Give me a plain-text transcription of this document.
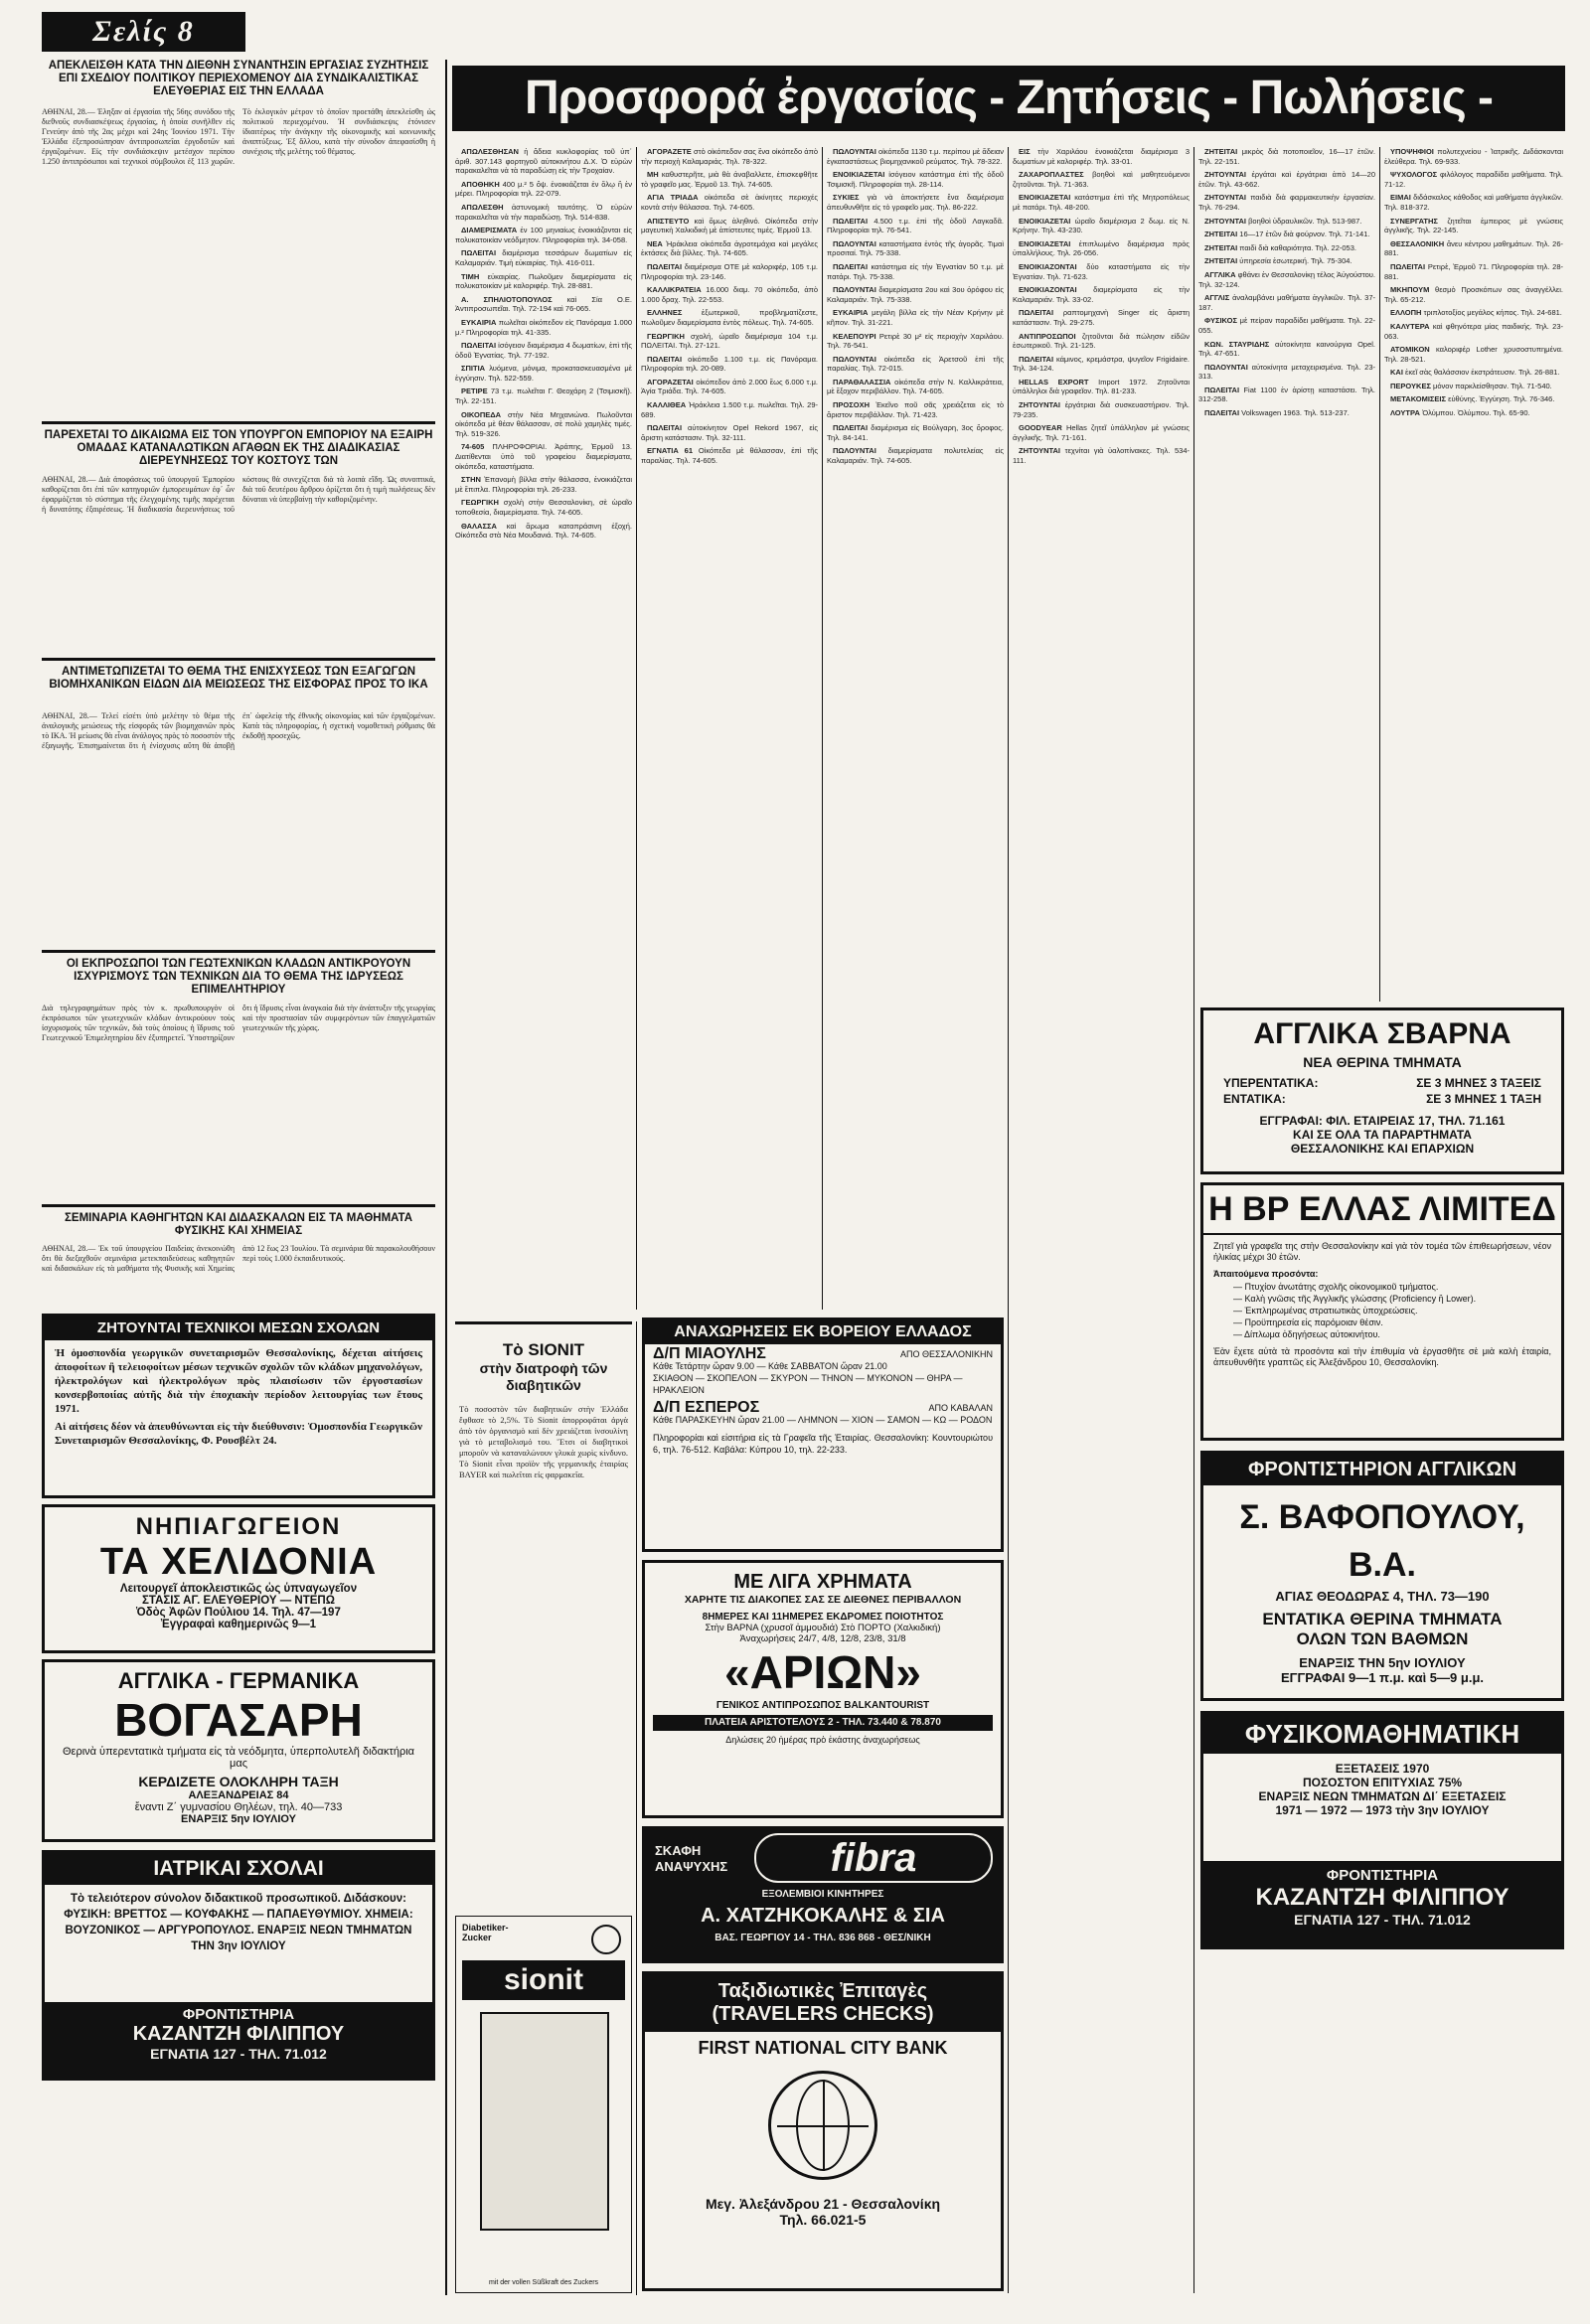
Σελίς 8
ΑΠΕΚΛΕΙΣΘΗ ΚΑΤΑ ΤΗΝ ΔΙΕΘΝΗ ΣΥΝΑΝΤΗΣΙΝ ΕΡΓΑΣΙΑΣ ΣΥΖΗΤΗΣΙΣ ΕΠΙ ΣΧΕΔΙΟΥ ΠΟΛΙΤΙΚΟΥ ΠΕΡΙΕΧΟΜΕΝΟΥ ΔΙΑ ΣΥΝΔΙΚΑΛΙΣΤΙΚΑΣ ΕΛΕΥΘΕΡΙΑΣ ΕΙΣ ΤΗΝ ΕΛΛΑΔΑ
ΑΘΗΝΑΙ, 28.— Έληξαν αἱ ἐργασίαι τῆς 56ης συνόδου τῆς διεθνοῦς συνδιασκέψεως ἐργασίας, ἡ ὁποία συνῆλθεν εἰς Γενεύην ἀπὸ τῆς 2ας μέχρι καὶ 24ης Ἰουνίου 1971. Τὴν Ἑλλάδα ἐξεπροσώπησαν ἀντιπροσωπεῖαι ἐργοδοτῶν καὶ ἐργαζομένων. Εἰς τὴν συνδιάσκεψιν μετέσχον περίπου 1.250 ἀντιπρόσωποι καὶ τεχνικοὶ σύμβουλοι ἐξ 113 χωρῶν. Τὸ ἐκλογικὸν μέτρον τὸ ὁποῖον προετάθη ἀπεκλείσθη ὡς πολιτικοῦ περιεχομένου. Ἡ συνδιάσκεψις ἐτόνισεν ἰδιαιτέρως τὴν ἀνάγκην τῆς οἰκονομικῆς καὶ κοινωνικῆς ἀναπτύξεως. Ἐξ ἄλλου, κατὰ τὴν σύνοδον ἀπεφασίσθη ἡ συνέχισις τῆς μελέτης τοῦ θέματος.
ΠΑΡΕΧΕΤΑΙ ΤΟ ΔΙΚΑΙΩΜΑ ΕΙΣ ΤΟΝ ΥΠΟΥΡΓΟΝ ΕΜΠΟΡΙΟΥ ΝΑ ΕΞΑΙΡΗ ΟΜΑΔΑΣ ΚΑΤΑΝΑΛΩΤΙΚΩΝ ΑΓΑΘΩΝ ΕΚ ΤΗΣ ΔΙΑΔΙΚΑΣΙΑΣ ΔΙΕΡΕΥΝΗΣΕΩΣ ΤΟΥ ΚΟΣΤΟΥΣ ΤΩΝ
ΑΘΗΝΑΙ, 28.— Διὰ ἀποφάσεως τοῦ ὑπουργοῦ Ἐμπορίου καθορίζεται ὅτι ἐπὶ τῶν κατηγοριῶν ἐμπορευμάτων ἐφ᾽ ὧν ἐφαρμόζεται τὸ σύστημα τῆς ἐλεγχομένης τιμῆς παρέχεται ἡ δυνατότης ἐξαιρέσεως. Ἡ διαδικασία διερευνήσεως τοῦ κόστους θὰ συνεχίζεται διὰ τὰ λοιπὰ εἴδη. Ὡς συνοπτικά, διὰ τοῦ δευτέρου ἄρθρου ὁρίζεται ὅτι ἡ τιμὴ πωλήσεως δὲν δύναται νὰ ὑπερβαίνῃ τὴν καθοριζομένην.
ΑΝΤΙΜΕΤΩΠΙΖΕΤΑΙ ΤΟ ΘΕΜΑ ΤΗΣ ΕΝΙΣΧΥΣΕΩΣ ΤΩΝ ΕΞΑΓΩΓΩΝ ΒΙΟΜΗΧΑΝΙΚΩΝ ΕΙΔΩΝ ΔΙΑ ΜΕΙΩΣΕΩΣ ΤΗΣ ΕΙΣΦΟΡΑΣ ΠΡΟΣ ΤΟ ΙΚΑ
ΑΘΗΝΑΙ, 28.— Τελεί εἰσέτι ὑπὸ μελέτην τὸ θέμα τῆς ἀναλογικῆς μειώσεως τῆς εἰσφορᾶς τῶν βιομηχανιῶν πρὸς τὸ ΙΚΑ. Ἡ μείωσις θὰ εἶναι ἀνάλογος πρὸς τὸ ποσοστὸν τῆς ἐξαγωγῆς. Ἐπισημαίνεται ὅτι ἡ ἐνίσχυσις αὕτη θὰ ἀποβῇ ἐπ᾽ ὠφελείᾳ τῆς ἐθνικῆς οἰκονομίας καὶ τῶν ἐργαζομένων. Κατὰ τὰς πληροφορίας, ἡ σχετικὴ νομοθετικὴ ρύθμισις θὰ ἐκδοθῇ προσεχῶς.
ΟΙ ΕΚΠΡΟΣΩΠΟΙ ΤΩΝ ΓΕΩΤΕΧΝΙΚΩΝ ΚΛΑΔΩΝ ΑΝΤΙΚΡΟΥΟΥΝ ΙΣΧΥΡΙΣΜΟΥΣ ΤΩΝ ΤΕΧΝΙΚΩΝ ΔΙΑ ΤΟ ΘΕΜΑ ΤΗΣ ΙΔΡΥΣΕΩΣ ΕΠΙΜΕΛΗΤΗΡΙΟΥ
Διὰ τηλεγραφημάτων πρὸς τὸν κ. πρωθυπουργὸν οἱ ἐκπρόσωποι τῶν γεωτεχνικῶν κλάδων ἀντικρούουν τοὺς ἰσχυρισμοὺς τῶν τεχνικῶν, διὰ τοὺς ὁποίους ἡ ἵδρυσις τοῦ Γεωτεχνικοῦ Ἐπιμελητηρίου δὲν ἐξυπηρετεῖ. Ὑποστηρίζουν ὅτι ἡ ἵδρυσις εἶναι ἀναγκαία διὰ τὴν ἀνάπτυξιν τῆς γεωργίας καὶ τὴν προστασίαν τῶν συμφερόντων τῶν ἐπαγγελματιῶν γεωτεχνικῶν τῆς χώρας.
ΣΕΜΙΝΑΡΙΑ ΚΑΘΗΓΗΤΩΝ ΚΑΙ ΔΙΔΑΣΚΑΛΩΝ ΕΙΣ ΤΑ ΜΑΘΗΜΑΤΑ ΦΥΣΙΚΗΣ ΚΑΙ ΧΗΜΕΙΑΣ
ΑΘΗΝΑΙ, 28.— Ἐκ τοῦ ὑπουργείου Παιδείας ἀνεκοινώθη ὅτι θὰ διεξαχθοῦν σεμινάρια μετεκπαιδεύσεως καθηγητῶν καὶ διδασκάλων εἰς τὰ μαθήματα τῆς Φυσικῆς καὶ Χημείας ἀπὸ 12 ἕως 23 Ἰουλίου. Τὰ σεμινάρια θὰ παρακολουθήσουν περὶ τοὺς 1.000 ἐκπαιδευτικούς.
ΖΗΤΟΥΝΤΑΙ ΤΕΧΝΙΚΟΙ ΜΕΣΩΝ ΣΧΟΛΩΝ
Ἡ ὁμοσπονδία γεωργικῶν συνεταιρισμῶν Θεσσαλονίκης, δέχεται αἰτήσεις ἀποφοίτων ἢ τελειοφοίτων μέσων τεχνικῶν σχολῶν τῶν κλάδων μηχανολόγων, ἠλεκτρολόγων καὶ ἠλεκτρολόγων πρὸς πλαισίωσιν τῶν ἐργοστασίων κονσερβοποιίας αὐτῆς διὰ τὴν ἐποχιακὴν περίοδον λειτουργίας των ἔτους 1971.
Αἱ αἰτήσεις δέον νὰ ἀπευθύνωνται εἰς τὴν διεύθυνσιν: Ὁμοσπονδία Γεωργικῶν Συνεταιρισμῶν Θεσσαλονίκης, Φ. Ρουσβέλτ 24.
ΝΗΠΙΑΓΩΓΕΙΟΝ
ΤΑ ΧΕΛΙΔΟΝΙΑ
Λειτουργεῖ ἀποκλειστικῶς ὡς ὑπναγωγεῖον
ΣΤΑΣΙΣ ΑΓ. ΕΛΕΥΘΕΡΙΟΥ — ΝΤΕΠΩ
Ὁδὸς Ἀφῶν Πούλιου 14. Τηλ. 47—197
Ἐγγραφαὶ καθημερινῶς 9—1
ΑΓΓΛΙΚΑ - ΓΕΡΜΑΝΙΚΑ
ΒΟΓΑΣΑΡΗ
Θερινὰ ὑπερεντατικὰ τμήματα εἰς τὰ νεόδμητα, ὑπερπολυτελῆ διδακτήρια μας
ΚΕΡΔΙΖΕΤΕ ΟΛΟΚΛΗΡΗ ΤΑΞΗ
ΑΛΕΞΑΝΔΡΕΙΑΣ 84
ἔναντι Ζ΄ γυμνασίου Θηλέων, τηλ. 40—733
ΕΝΑΡΞΙΣ 5ην ΙΟΥΛΙΟΥ
ΙΑΤΡΙΚΑΙ ΣΧΟΛΑΙ
Τὸ τελειότερον σύνολον διδακτικοῦ προσωπικοῦ. Διδάσκουν: ΦΥΣΙΚΗ: ΒΡΕΤΤΟΣ — ΚΟΥΦΑΚΗΣ — ΠΑΠΑΕΥΘΥΜΙΟΥ. ΧΗΜΕΙΑ: ΒΟΥΖΟΝΙΚΟΣ — ΑΡΓΥΡΟΠΟΥΛΟΣ. ΕΝΑΡΞΙΣ ΝΕΩΝ ΤΜΗΜΑΤΩΝ ΤΗΝ 3ην ΙΟΥΛΙΟΥ
ΦΡΟΝΤΙΣΤΗΡΙΑ
ΚΑΖΑΝΤΖΗ ΦΙΛΙΠΠΟΥ
ΕΓΝΑΤΙΑ 127 - ΤΗΛ. 71.012
Προσφορά ἐργασίας - Ζητήσεις - Πωλήσεις -

ΑΠΩΛΕΣΘΗΣΑΝ ἡ ἄδεια κυκλοφορίας τοῦ ὑπ᾽ ἀριθ. 307.143 φορτηγοῦ αὐτοκινήτου Δ.Χ. Ὁ εὑρὼν παρακαλεῖται νὰ τὰ παραδώσῃ εἰς τὴν Τροχαίαν.

ΑΠΟΘΗΚΗ 400 μ.² 5 ὄψ. ἐνοικιάζεται ἐν ὅλῳ ἢ ἐν μέρει. Πληροφορίαι τηλ. 22-079.

ΑΠΩΛΕΣΘΗ ἀστυνομικὴ ταυτότης. Ὁ εὑρὼν παρακαλεῖται νὰ τὴν παραδώσῃ. Τηλ. 514-838.

ΔΙΑΜΕΡΙΣΜΑΤΑ ἐν 100 μηνιαίως ἐνοικιάζονται εἰς πολυκατοικίαν νεόδμητον. Πληροφορίαι τηλ. 34-058.

ΠΩΛΕΙΤΑΙ διαμέρισμα τεσσάρων δωματίων εἰς Καλαμαριάν. Τιμὴ εὐκαιρίας. Τηλ. 416-011.

ΤΙΜΗ εὐκαιρίας. Πωλοῦμεν διαμερίσματα εἰς πολυκατοικίαν μὲ καλοριφέρ. Τηλ. 28-881.

Α. ΣΠΗΛΙΟΤΟΠΟΥΛΟΣ καὶ Σία Ο.Ε. Ἀντιπροσωπεῖαι. Τηλ. 72-194 καὶ 76-065.

ΕΥΚΑΙΡΙΑ πωλεῖται οἰκόπεδον εἰς Πανόραμα 1.000 μ.² Πληροφορίαι τηλ. 41-335.

ΠΩΛΕΙΤΑΙ ἰσόγειον διαμέρισμα 4 δωματίων, ἐπὶ τῆς ὁδοῦ Ἐγνατίας. Τηλ. 77-192.

ΣΠΙΤΙΑ λυόμενα, μόνιμα, προκατασκευασμένα μὲ ἐγγύησιν. Τηλ. 522-559.

ΡΕΤΙΡΕ 73 τ.μ. πωλεῖται Γ. Θεοχάρη 2 (Τσιμισκῆ). Τηλ. 22-151.

ΟΙΚΟΠΕΔΑ στὴν Νέα Μηχανιώνα. Πωλοῦνται οἰκόπεδα μὲ θέαν θάλασσαν, σὲ πολὺ χαμηλὲς τιμές. Τηλ. 519-326.

74-605 ΠΛΗΡΟΦΟΡΙΑΙ. Ἀράπης, Ἑρμοῦ 13. Διατίθενται ὑπὸ τοῦ γραφείου διαμερίσματα, οἰκόπεδα, καταστήματα.

ΣΤΗΝ Ἐπανομὴ βίλλα στὴν θάλασσα, ἐνοικιάζεται μὲ ἔπιπλα. Πληροφορίαι τηλ. 26-233.

ΓΕΩΡΓΙΚΗ σχολὴ στὴν Θεσσαλονίκη, σὲ ὡραῖο τοποθεσία, διαμερίσματα. Τηλ. 74-605.

ΘΑΛΑΣΣΑ καὶ ἄρωμα καταπράσινη ἐξοχή. Οἰκόπεδα στὰ Νέα Μουδανιά. Τηλ. 74-605.

ΑΓΟΡΑΖΕΤΕ στὸ οἰκόπεδον σας ἓνα οἰκόπεδο ἀπὸ τὴν περιοχὴ Καλαμαριάς. Τηλ. 78-322.

ΜΗ καθυστερῆτε, μιὰ θὰ ἀναβαλλετε, ἐπισκεφθῆτε τὸ γραφεῖο μας. Ἑρμοῦ 13. Τηλ. 74-605.

ΑΓΙΑ ΤΡΙΑΔΑ οἰκόπεδα σὲ ἀκίνητες περιοχές κοντὰ στὴν θάλασσα. Τηλ. 74-605.

ΑΠΙΣΤΕΥΤΟ καὶ ὅμως ἀληθινό. Οἰκόπεδα στὴν μαγευτικὴ Χαλκιδικὴ μὲ ἀπίστευτες τιμές. Ἑρμοῦ 13.

ΝΕΑ Ἡράκλεια οἰκόπεδα ἀγροτεμάχια καὶ μεγάλες ἐκτάσεις διὰ βίλλες. Τηλ. 74-605.

ΠΩΛΕΙΤΑΙ διαμέρισμα ΟΤΕ μὲ καλοριφέρ, 105 τ.μ. Πληροφορίαι τηλ. 23-146.

ΚΑΛΛΙΚΡΑΤΕΙΑ 16.000 διαμ. 70 οἰκόπεδα, ἀπὸ 1.000 δραχ. Τηλ. 22-553.

ΕΛΛΗΝΕΣ ἐξωτερικοῦ, προβληματίζεστε, πωλοῦμεν διαμερίσματα ἐντὸς πόλεως. Τηλ. 74-605.

ΓΕΩΡΓΙΚΗ σχολή, ὡραῖο διαμέρισμα 104 τ.μ. ΠΩΛΕΙΤΑΙ. Τηλ. 27-121.

ΠΩΛΕΙΤΑΙ οἰκόπεδο 1.100 τ.μ. εἰς Πανόραμα. Πληροφορίαι τηλ. 20-089.

ΑΓΟΡΑΖΕΤΑΙ οἰκόπεδον ἀπὸ 2.000 ἕως 6.000 τ.μ. Ἀγία Τριάδα. Τηλ. 74-605.

ΚΑΛΛΙΘΕΑ Ἡράκλεια 1.500 τ.μ. πωλεῖται. Τηλ. 29-689.

ΠΩΛΕΙΤΑΙ αὐτοκίνητον Opel Rekord 1967, εἰς ἄριστη κατάστασιν. Τηλ. 32-111.

ΕΓΝΑΤΙΑ 61 Οἰκόπεδα μὲ θάλασσαν, ἐπὶ τῆς παραλίας. Τηλ. 74-605.

ΠΩΛΟΥΝΤΑΙ οἰκόπεδα 1130 τ.μ. περίπου μὲ ἄδειαν ἐγκαταστάσεως βιομηχανικοῦ ρεύματος. Τηλ. 78-322.

ΕΝΟΙΚΙΑΖΕΤΑΙ ἰσόγειον κατάστημα ἐπὶ τῆς ὁδοῦ Τσιμισκῆ. Πληροφορίαι τηλ. 28-114.

ΣΥΚΙΕΣ γιὰ νὰ ἀποκτήσετε ἕνα διαμέρισμα ἀπευθυνθῆτε εἰς τὸ γραφεῖο μας. Τηλ. 86-222.

ΠΩΛΕΙΤΑΙ 4.500 τ.μ. ἐπὶ τῆς ὁδοῦ Λαγκαδᾶ. Πληροφορίαι τηλ. 76-541.

ΠΩΛΟΥΝΤΑΙ καταστήματα ἐντὸς τῆς ἀγορᾶς. Τιμαὶ προσιταί. Τηλ. 75-338.

ΠΩΛΕΙΤΑΙ κατάστημα εἰς τὴν Ἐγνατίαν 50 τ.μ. μὲ πατάρι. Τηλ. 75-338.

ΠΩΛΟΥΝΤΑΙ διαμερίσματα 2ου καὶ 3ου ὀρόφου εἰς Καλαμαριάν. Τηλ. 75-338.

ΕΥΚΑΙΡΙΑ μεγάλη βίλλα εἰς τὴν Νέαν Κρήνην μὲ κῆπον. Τηλ. 31-221.

ΚΕΛΕΠΟΥΡΙ Ρετιρὲ 30 μ² εἰς περιοχὴν Χαριλάου. Τηλ. 76-541.

ΠΩΛΟΥΝΤΑΙ οἰκόπεδα εἰς Ἀρετσοῦ ἐπὶ τῆς παραλίας. Τηλ. 72-015.

ΠΑΡΑΘΑΛΑΣΣΙΑ οἰκόπεδα στὴν Ν. Καλλικράτεια, μὲ ἔξοχον περιβάλλον. Τηλ. 74-605.

ΠΡΟΣΟΧΗ Ἐκεῖνο ποῦ σᾶς χρειάζεται εἰς τὸ ἄριστον περιβάλλον. Τηλ. 71-423.

ΠΩΛΕΙΤΑΙ διαμέρισμα εἰς Βούλγαρη, 3ος ὄροφος. Τηλ. 84-141.

ΠΩΛΟΥΝΤΑΙ διαμερίσματα πολυτελείας εἰς Καλαμαριάν. Τηλ. 74-605.

ΕΙΣ τὴν Χαριλάου ἐνοικιάζεται διαμέρισμα 3 δωματίων μὲ καλοριφέρ. Τηλ. 33-01.

ΖΑΧΑΡΟΠΛΑΣΤΕΣ βοηθοὶ καὶ μαθητευόμενοι ζητοῦνται. Τηλ. 71-363.

ΕΝΟΙΚΙΑΖΕΤΑΙ κατάστημα ἐπὶ τῆς Μητροπόλεως μὲ πατάρι. Τηλ. 48-200.

ΕΝΟΙΚΙΑΖΕΤΑΙ ὡραῖο διαμέρισμα 2 δωμ. εἰς Ν. Κρήνην. Τηλ. 43-230.

ΕΝΟΙΚΙΑΖΕΤΑΙ ἐπιπλωμένο διαμέρισμα πρὸς ὑπαλλήλους. Τηλ. 26-056.

ΕΝΟΙΚΙΑΖΟΝΤΑΙ δύο καταστήματα εἰς τὴν Ἐγνατίαν. Τηλ. 71-623.

ΕΝΟΙΚΙΑΖΟΝΤΑΙ διαμερίσματα εἰς τὴν Καλαμαριάν. Τηλ. 33-02.

ΠΩΛΕΙΤΑΙ ραπτομηχανὴ Singer εἰς ἄριστη κατάστασιν. Τηλ. 29-275.

ΑΝΤΙΠΡΟΣΩΠΟΙ ζητοῦνται διὰ πώλησιν εἰδῶν ἐσωτερικοῦ. Τηλ. 21-125.

ΠΩΛΕΙΤΑΙ κάμινος, κρεμάστρα, ψυγεῖον Frigidaire. Τηλ. 34-124.

HELLAS EXPORT Import 1972. Ζητοῦνται ὑπάλληλοι διὰ γραφεῖον. Τηλ. 81-233.

ΖΗΤΟΥΝΤΑΙ ἐργάτριαι διὰ συσκευαστήριον. Τηλ. 79-235.

GOODYEAR Hellas ζητεῖ ὑπάλληλον μὲ γνώσεις ἀγγλικῆς. Τηλ. 71-161.

ΖΗΤΟΥΝΤΑΙ τεχνίται γιὰ ὑαλοπίνακες. Τηλ. 534-111.

ΖΗΤΕΙΤΑΙ μικρὸς διὰ ποτοποιεῖον, 16—17 ἐτῶν. Τηλ. 22-151.

ΖΗΤΟΥΝΤΑΙ ἐργάται καὶ ἐργάτριαι ἀπὸ 14—20 ἐτῶν. Τηλ. 43-662.

ΖΗΤΟΥΝΤΑΙ παιδιὰ διὰ φαρμακευτικὴν ἐργασίαν. Τηλ. 76-294.

ΖΗΤΟΥΝΤΑΙ βοηθοὶ ὑδραυλικῶν. Τηλ. 513-987.

ΖΗΤΕΙΤΑΙ 16—17 ἐτῶν διὰ φούρνον. Τηλ. 71-141.

ΖΗΤΕΙΤΑΙ παιδὶ διὰ καθαριότητα. Τηλ. 22-053.

ΖΗΤΕΙΤΑΙ ὑπηρεσία ἐσωτερική. Τηλ. 75-304.

ΑΓΓΛΙΚΑ φθάνει ἐν Θεσσαλονίκῃ τέλος Ἀὐγούστου. Τηλ. 32-124.

ΑΓΓΛΙΣ ἀναλαμβάνει μαθήματα ἀγγλικῶν. Τηλ. 37-187.

ΦΥΣΙΚΟΣ μὲ πείραν παραδίδει μαθήματα. Τηλ. 22-055.

ΚΩΝ. ΣΤΑΥΡΙΔΗΣ αὐτοκίνητα καινούργια Opel. Τηλ. 47-651.

ΠΩΛΟΥΝΤΑΙ αὐτοκίνητα μεταχειρισμένα. Τηλ. 23-313.

ΠΩΛΕΙΤΑΙ Fiat 1100 ἐν ἀρίστῃ καταστάσει. Τηλ. 312-258.

ΠΩΛΕΙΤΑΙ Volkswagen 1963. Τηλ. 513-237.

ΥΠΟΨΗΦΙΟΙ πολυτεχνείου - Ἰατρικῆς. Διδάσκονται ἐλεύθερα. Τηλ. 69-933.

ΨΥΧΟΛΟΓΟΣ φιλόλογος παραδίδει μαθήματα. Τηλ. 71-12.

ΕΙΜΑΙ διδάσκαλος κάθοδος καὶ μαθήματα ἀγγλικῶν. Τηλ. 818-372.

ΣΥΝΕΡΓΑΤΗΣ ζητεῖται ἐμπειρος μὲ γνώσεις ἀγγλικῆς. Τηλ. 22-145.

ΘΕΣΣΑΛΟΝΙΚΗ ἄνευ κέντρου μαθημάτων. Τηλ. 26-881.

ΠΩΛΕΙΤΑΙ Ρετιρὲ, Ἑρμοῦ 71. Πληροφορίαι τηλ. 28-881.

ΜΚΗΠΟΥΜ θεσμὸ Προσκόπων σας ἀναγγέλλει. Τηλ. 65-212.

ΕΛΛΟΠΗ τριπλοτοξίος μεγάλος κήπος. Τηλ. 24-681.

ΚΑΛΥΤΕΡΑ καὶ φθηνότερα μίας παιδικής. Τηλ. 23-063.

ΑΤΟΜΙΚΟΝ καλοριφέρ Lother χρυσοστυπημένα. Τηλ. 28-521.

ΚΑΙ ἐκεῖ σὰς θαλάσσιον ἐκστράτευσιν. Τηλ. 26-881.

ΠΕΡΟΥΚΕΣ μόνον παρκλείσθησαν. Τηλ. 71-540.

ΜΕΤΑΚΟΜΙΣΕΙΣ εὐθύνης. Ἐγγύηση. Τηλ. 76-346.

ΛΟΥΤΡΑ Ὀλύμπου. Ὀλύμπου. Τηλ. 65-90.

Τὸ SIONIT
στὴν διατροφὴ τῶν διαβητικῶν
Τὸ ποσοστὸν τῶν διαβητικῶν στὴν Ἑλλάδα ἔφθασε τὸ 2,5%. Τὸ Sionit ἀπορροφᾶται ἀργὰ ἀπὸ τὸν ὀργανισμὸ καὶ δὲν χρειάζεται ἰνσουλίνη γιὰ τὸ μεταβολισμό του. Ἔτσι οἱ διαβητικοὶ μποροῦν νὰ καταναλώνουν γλυκὰ χωρὶς κίνδυνο. Τὸ Sionit εἶναι προϊὸν τῆς γερμανικῆς ἑταιρίας BAYER καὶ πωλεῖται εἰς φαρμακεῖα.
Diabetiker-Zucker
sionit
mit der vollen Süßkraft des Zuckers
ΑΝΑΧΩΡΗΣΕΙΣ ΕΚ ΒΟΡΕΙΟΥ ΕΛΛΑΔΟΣ
Δ/Π ΜΙΑΟΥΛΗΣ	ΑΠΟ ΘΕΣΣΑΛΟΝΙΚΗΝ
Κάθε Τετάρτην ὥραν 9.00 — Κάθε ΣΑΒΒΑΤΟΝ ὥραν 21.00
ΣΚΙΑΘΟΝ — ΣΚΟΠΕΛΟΝ — ΣΚΥΡΟΝ — ΤΗΝΟΝ — ΜΥΚΟΝΟΝ — ΘΗΡΑ — ΗΡΑΚΛΕΙΟΝ
Δ/Π ΕΣΠΕΡΟΣ	ΑΠΟ ΚΑΒΑΛΑΝ
Κάθε ΠΑΡΑΣΚΕΥΗΝ ὥραν 21.00 — ΛΗΜΝΟΝ — ΧΙΟΝ — ΣΑΜΟΝ — ΚΩ — ΡΟΔΟΝ
Πληροφορίαι καὶ εἰσιτήρια εἰς τὰ Γραφεῖα τῆς Ἑταιρίας. Θεσσαλονίκη: Κουντουριώτου 6, τηλ. 76-512. Καβάλα: Κύπρου 10, τηλ. 22-233.
ΜΕ ΛΙΓΑ ΧΡΗΜΑΤΑ
ΧΑΡΗΤΕ ΤΙΣ ΔΙΑΚΟΠΕΣ ΣΑΣ ΣΕ ΔΙΕΘΝΕΣ ΠΕΡΙΒΑΛΛΟΝ
8ΗΜΕΡΕΣ ΚΑΙ 11ΗΜΕΡΕΣ ΕΚΔΡΟΜΕΣ ΠΟΙΟΤΗΤΟΣ
Στὴν ΒΑΡΝΑ (χρυσοῖ ἀμμουδιά) Στὸ ΠΟΡΤΟ (Χαλκιδική)
Ἀναχωρήσεις 24/7, 4/8, 12/8, 23/8, 31/8
«ΑΡΙΩΝ»
ΓΕΝΙΚΟΣ ΑΝΤΙΠΡΟΣΩΠΟΣ BALKANTOURIST
ΠΛΑΤΕΙΑ ΑΡΙΣΤΟΤΕΛΟΥΣ 2 - ΤΗΛ. 73.440 & 78.870
Δηλώσεις 20 ἡμέρας πρὸ ἑκάστης ἀναχωρήσεως
ΣΚΑΦΗ
ΑΝΑΨΥΧΗΣ	fibra
ΕΞΟΛΕΜΒΙΟΙ ΚΙΝΗΤΗΡΕΣ
Α. ΧΑΤΖΗΚΟΚΑΛΗΣ & ΣΙΑ
ΒΑΣ. ΓΕΩΡΓΙΟΥ 14 - ΤΗΛ. 836 868 - ΘΕΣ/ΝΙΚΗ
Ταξιδιωτικὲς Ἐπιταγὲς
(TRAVELERS CHECKS)
FIRST NATIONAL CITY BANK
Μεγ. Ἀλεξάνδρου 21 - Θεσσαλονίκη
Τηλ. 66.021-5
ΑΓΓΛΙΚΑ ΣΒΑΡΝΑ
ΝΕΑ ΘΕΡΙΝΑ ΤΜΗΜΑΤΑ
ΥΠΕΡΕΝΤΑΤΙΚΑ:	ΣΕ 3 ΜΗΝΕΣ 3 ΤΑΞΕΙΣ
ΕΝΤΑΤΙΚΑ:	ΣΕ 3 ΜΗΝΕΣ 1 ΤΑΞΗ
ΕΓΓΡΑΦΑΙ: ΦΙΛ. ΕΤΑΙΡΕΙΑΣ 17, ΤΗΛ. 71.161
ΚΑΙ ΣΕ ΟΛΑ ΤΑ ΠΑΡΑΡΤΗΜΑΤΑ
ΘΕΣΣΑΛΟΝΙΚΗΣ ΚΑΙ ΕΠΑΡΧΙΩΝ
Η ΒΡ ΕΛΛΑΣ ΛΙΜΙΤΕΔ
Ζητεῖ γιὰ γραφεῖα της στὴν Θεσσαλονίκην καὶ γιὰ τὸν τομέα τῶν ἐπιθεωρήσεων, νέον ἡλικίας μέχρι 30 ἐτῶν.
Ἀπαιτούμενα προσόντα:
— Πτυχίον ἀνωτάτης σχολῆς οἰκονομικοῦ τμήματος.
— Καλὴ γνῶσις τῆς Ἀγγλικῆς γλώσσης (Proficiency ἢ Lower).
— Ἐκπληρωμένας στρατιωτικὰς ὑποχρεώσεις.
— Προϋπηρεσία εἰς παρόμοιαν θέσιν.
— Δίπλωμα ὁδηγήσεως αὐτοκινήτου.
Ἐὰν ἔχετε αὐτὰ τὰ προσόντα καὶ τὴν ἐπιθυμία νὰ ἐργασθῆτε σὲ μιὰ καλὴ ἑταιρία, ἀπευθυνθῆτε γραπτῶς εἰς Ἀλεξάνδρου 10, Θεσσαλονίκη.
ΦΡΟΝΤΙΣΤΗΡΙΟΝ ΑΓΓΛΙΚΩΝ
Σ. ΒΑΦΟΠΟΥΛΟΥ, Β.Α.
ΑΓΙΑΣ ΘΕΟΔΩΡΑΣ 4, ΤΗΛ. 73—190
ΕΝΤΑΤΙΚΑ ΘΕΡΙΝΑ ΤΜΗΜΑΤΑ
ΟΛΩΝ ΤΩΝ ΒΑΘΜΩΝ
ΕΝΑΡΞΙΣ ΤΗΝ 5ην ΙΟΥΛΙΟΥ
ΕΓΓΡΑΦΑΙ 9—1 π.μ. καὶ 5—9 μ.μ.
ΦΥΣΙΚΟΜΑΘΗΜΑΤΙΚΗ
ΕΞΕΤΑΣΕΙΣ 1970
ΠΟΣΟΣΤΟΝ ΕΠΙΤΥΧΙΑΣ 75%
ΕΝΑΡΞΙΣ ΝΕΩΝ ΤΜΗΜΑΤΩΝ ΔΙ΄ ΕΞΕΤΑΣΕΙΣ
1971 — 1972 — 1973 τὴν 3ην ΙΟΥΛΙΟΥ
ΦΡΟΝΤΙΣΤΗΡΙΑ
ΚΑΖΑΝΤΖΗ ΦΙΛΙΠΠΟΥ
ΕΓΝΑΤΙΑ 127 - ΤΗΛ. 71.012
